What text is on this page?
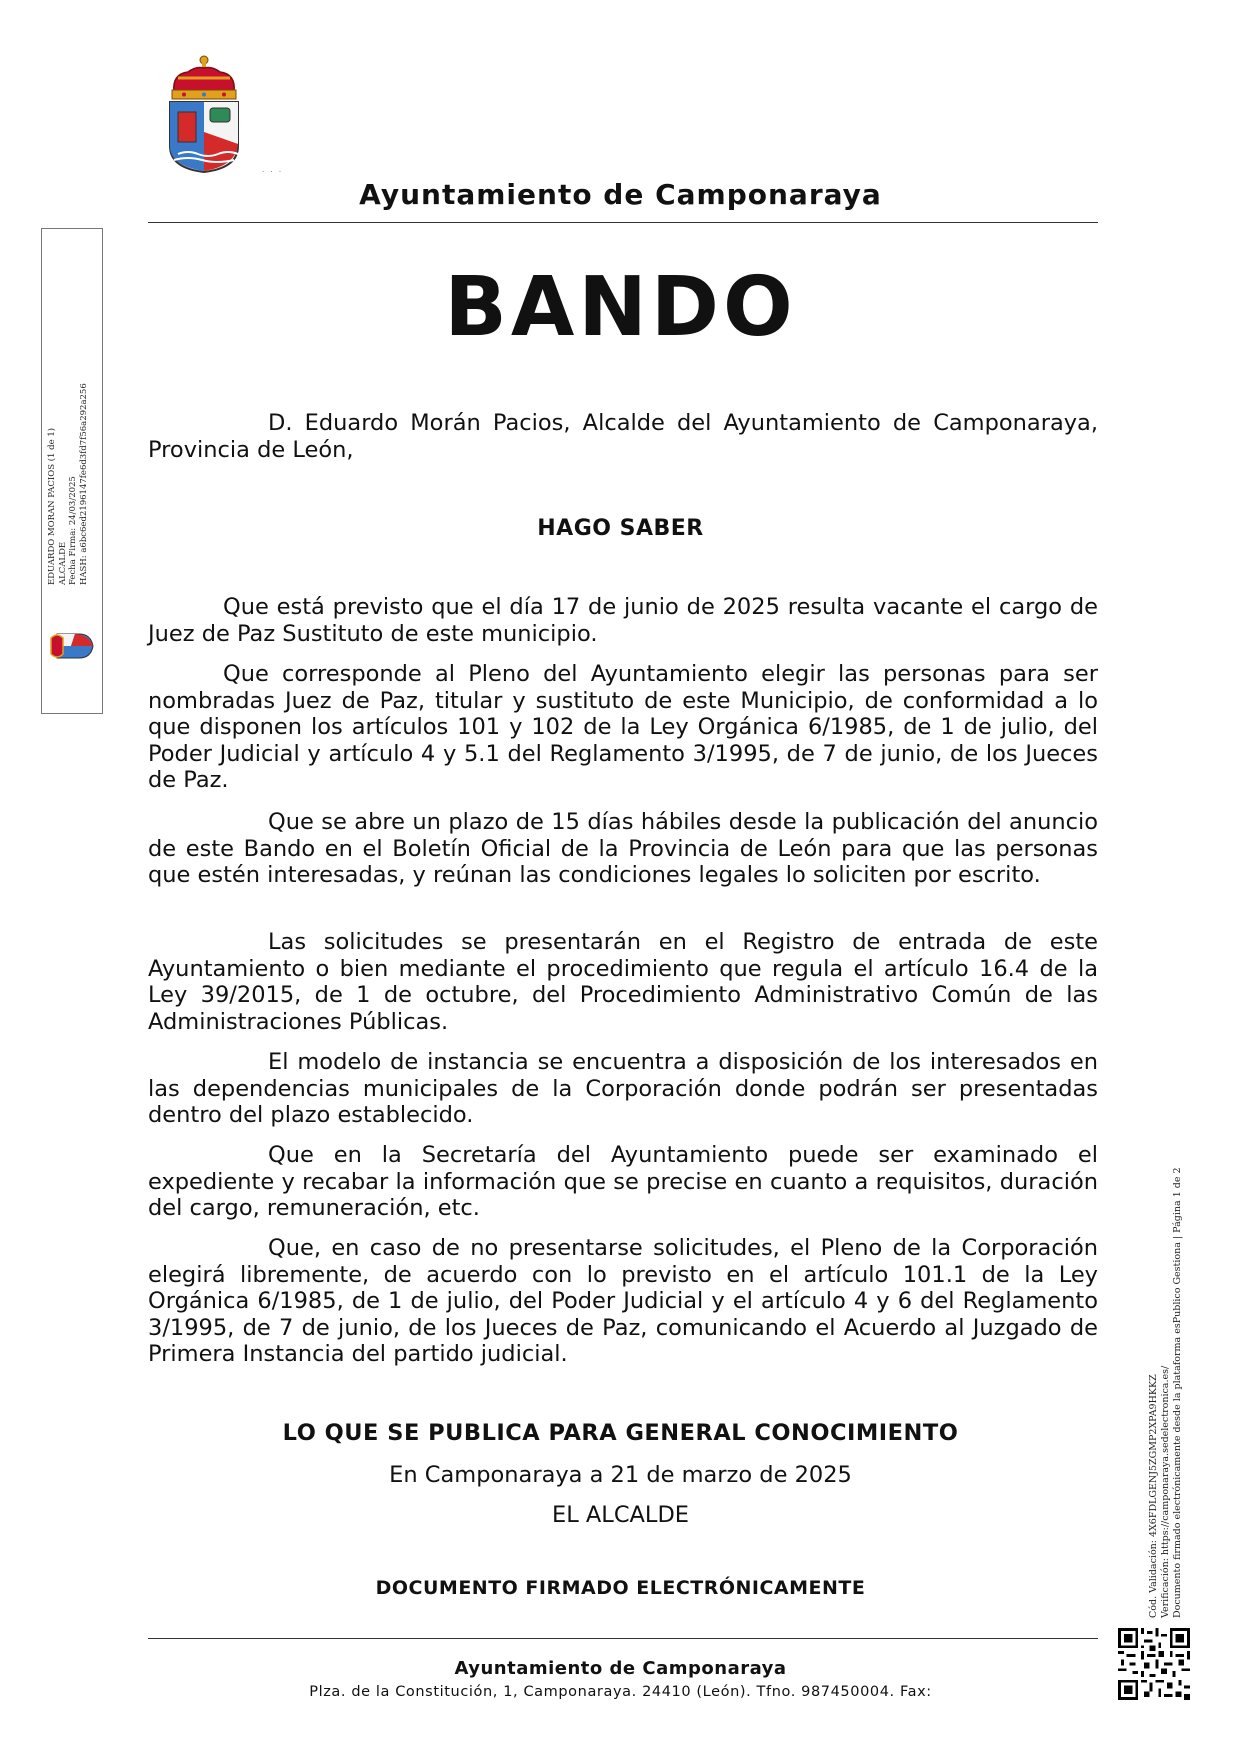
· · ·
Ayuntamiento de Camponaraya
BANDO
EDUARDO MORAN PACIOS (1 de 1) ALCALDE Fecha Firma: 24/03/2025 HASH: a6bc6ed2196147fe6d3fd7f56a292a256	D. Eduardo Morán Pacios, Alcalde del Ayuntamiento de Camponaraya, Provincia de León,
HAGO SABER
Que está previsto que el día 17 de junio de 2025 resulta vacante el cargo de Juez de Paz Sustituto de este municipio.
Que corresponde al Pleno del Ayuntamiento elegir las personas para ser nombradas Juez de Paz, titular y sustituto de este Municipio, de conformidad a lo que disponen los artículos 101 y 102 de la Ley Orgánica 6/1985, de 1 de julio, del Poder Judicial y artículo 4 y 5.1 del Reglamento 3/1995, de 7 de junio, de los Jueces de Paz.
Que se abre un plazo de 15 días hábiles desde la publicación del anuncio de este Bando en el Boletín Oficial de la Provincia de León para que las personas que estén interesadas, y reúnan las condiciones legales lo soliciten por escrito.
Las solicitudes se presentarán en el Registro de entrada de este Ayuntamiento o bien mediante el procedimiento que regula el artículo 16.4 de la Ley 39/2015, de 1 de octubre, del Procedimiento Administrativo Común de las Administraciones Públicas.
El modelo de instancia se encuentra a disposición de los interesados en las dependencias municipales de la Corporación donde podrán ser presentadas dentro del plazo establecido.
Que en la Secretaría del Ayuntamiento puede ser examinado el expediente y recabar la información que se precise en cuanto a requisitos, duración del cargo, remuneración, etc.
Que, en caso de no presentarse solicitudes, el Pleno de la Corporación elegirá libremente, de acuerdo con lo previsto en el artículo 101.1 de la Ley Orgánica 6/1985, de 1 de julio, del Poder Judicial y el artículo 4 y 6 del Reglamento 3/1995, de 7 de junio, de los Jueces de Paz, comunicando el Acuerdo al Juzgado de Primera Instancia del partido judicial.
LO QUE SE PUBLICA PARA GENERAL CONOCIMIENTO
En Camponaraya a 21 de marzo de 2025
EL ALCALDE
DOCUMENTO FIRMADO ELECTRÓNICAMENTE	Cód. Validación: 4X6FDLGENJ5ZGMP2XPA9HKKZ Verificación: https://camponaraya.sedelectronica.es/ Documento firmado electrónicamente desde la plataforma esPublico Gestiona | Página 1 de 2
Ayuntamiento de Camponaraya
Plza. de la Constitución, 1, Camponaraya. 24410 (León). Tfno. 987450004. Fax:
